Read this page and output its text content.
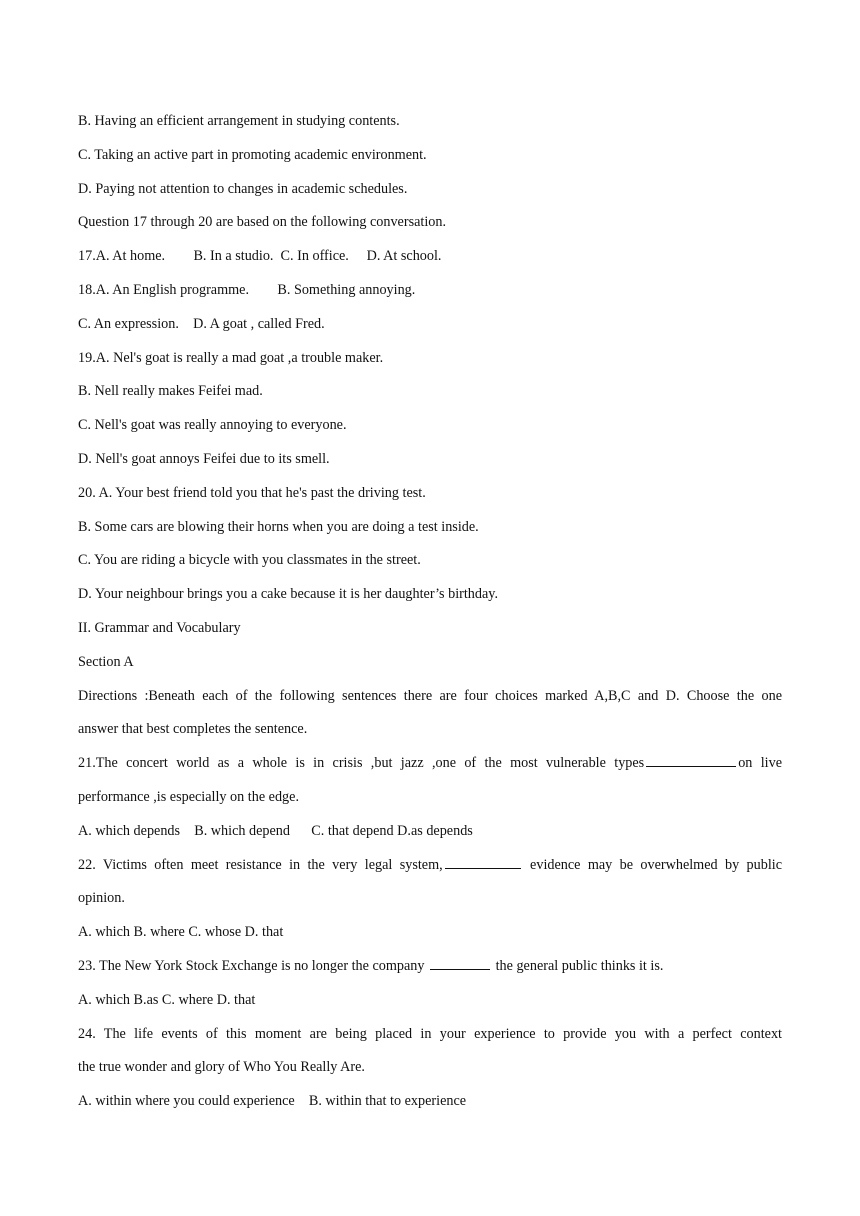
B. Having an efficient arrangement in studying contents.
C. Taking an active part in promoting academic environment.
D. Paying not attention to changes in academic schedules.
Question 17 through 20 are based on the following conversation.
17.A. At home.        B. In a studio.  C. In office.     D. At school.
18.A. An English programme.        B. Something annoying.
C. An expression.    D. A goat , called Fred.
19.A. Nel's goat is really a mad goat ,a trouble maker.
B. Nell really makes Feifei mad.
C. Nell's goat was really annoying to everyone.
D. Nell's goat annoys Feifei due to its smell.
20. A. Your best friend told you that he's past the driving test.
B. Some cars are blowing their horns when you are doing a test inside.
C. You are riding a bicycle with you classmates in the street.
D. Your neighbour brings you a cake because it is her daughter’s birthday.
II. Grammar and Vocabulary
Section A
Directions :Beneath each of the following sentences there are four choices marked A,B,C and D. Choose the one
answer that best completes the sentence.
21.The concert world as a whole is in crisis ,but jazz ,one of the most vulnerable types	on live
performance ,is especially on the edge.
A. which depends    B. which depend      C. that depend D.as depends
22. Victims often meet resistance in the very legal system,	evidence may be overwhelmed by public
opinion.
A. which B. where C. whose D. that
23. The New York Stock Exchange is no longer the company	the general public thinks it is.
A. which B.as C. where D. that
24. The life events of this moment are being placed in your experience to provide you with a perfect context
the true wonder and glory of Who You Really Are.
A. within where you could experience    B. within that to experience
